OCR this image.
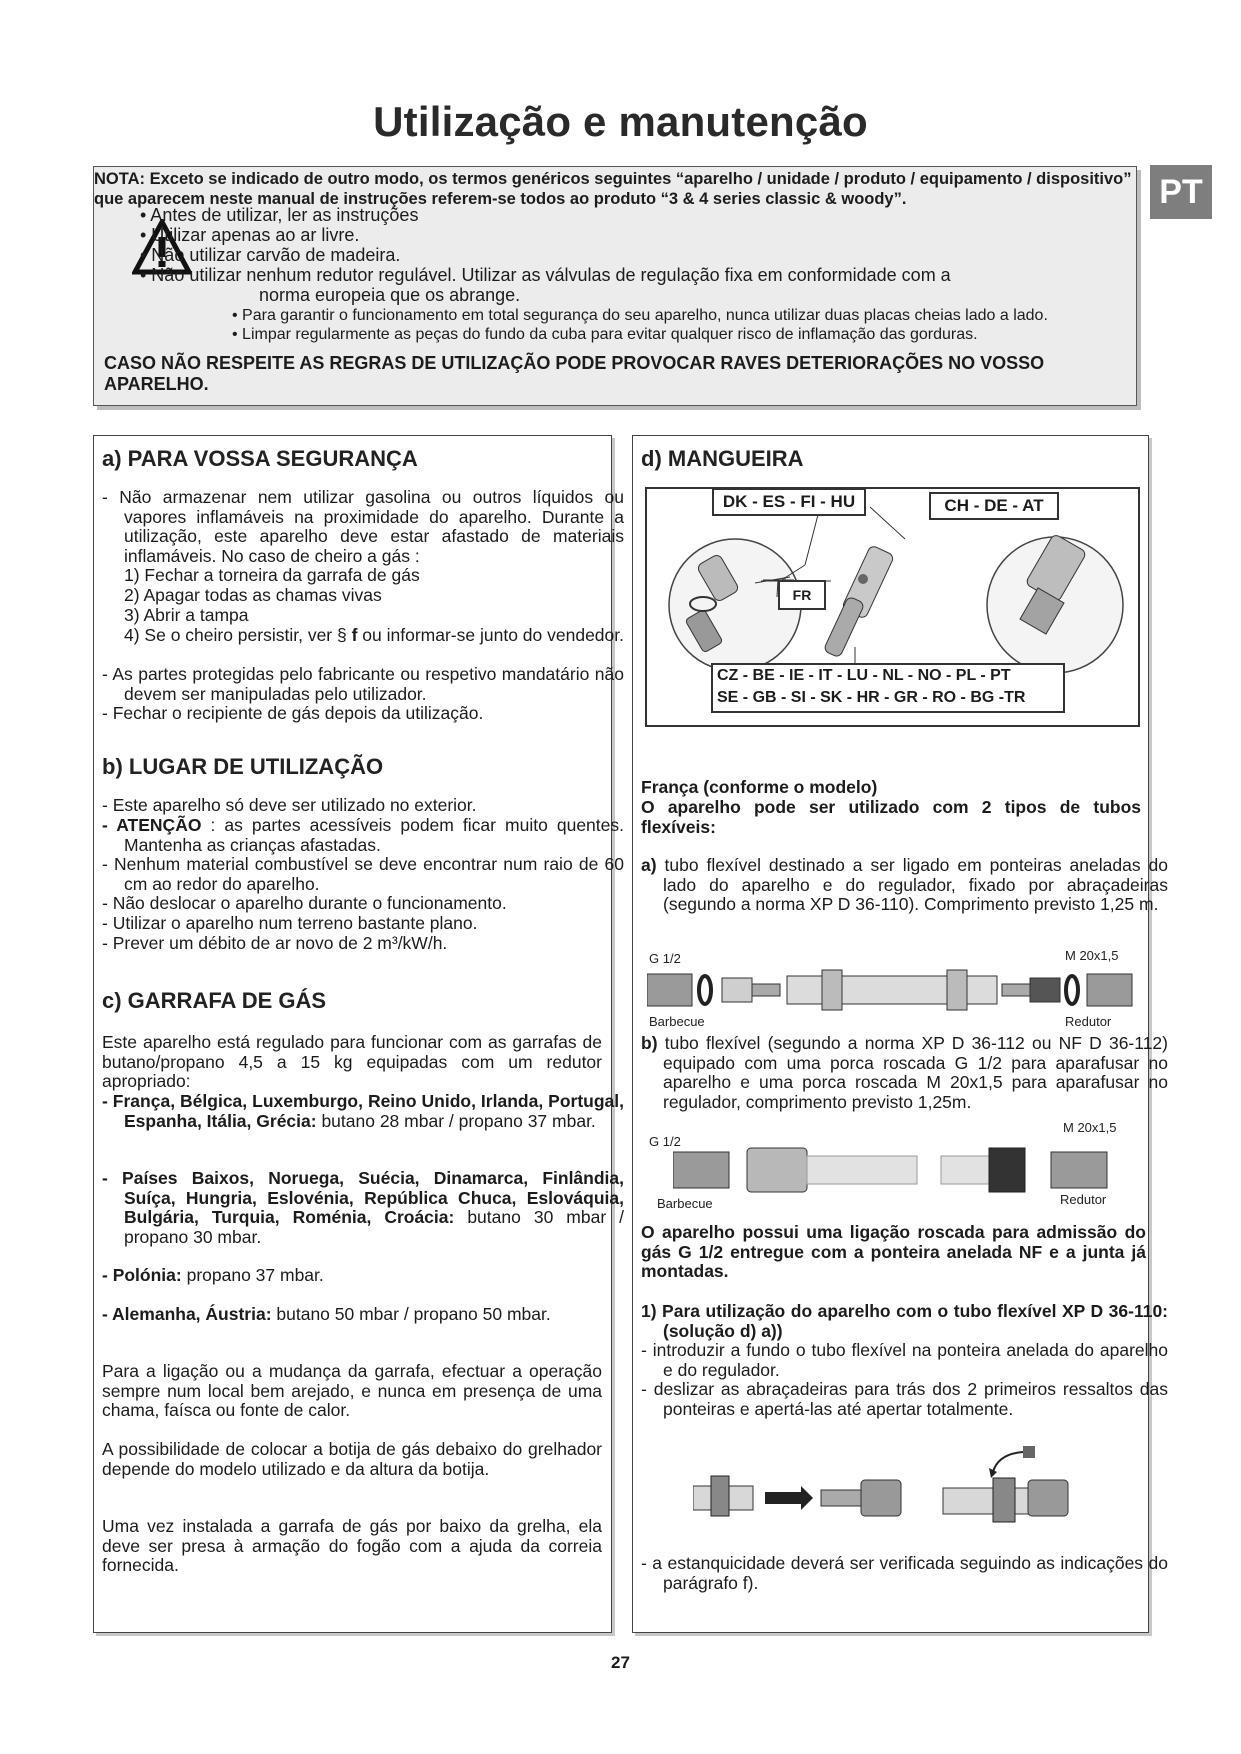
Utilização e manutenção
PT
NOTA: Exceto se indicado de outro modo, os termos genéricos seguintes “aparelho / unidade / produto / equipamento / dispositivo” que aparecem neste manual de instruções referem-se todos ao produto “3 & 4 series classic & woody”.
• Antes de utilizar, ler as instruções
• Utilizar apenas ao ar livre.
• Não utilizar carvão de madeira.
• Não utilizar nenhum redutor regulável. Utilizar as válvulas de regulação fixa em conformidade com a
norma europeia que os abrange.
• Para garantir o funcionamento em total segurança do seu aparelho, nunca utilizar duas placas cheias lado a lado.
• Limpar regularmente as peças do fundo da cuba para evitar qualquer risco de inflamação das gorduras.
CASO NÃO RESPEITE AS REGRAS DE UTILIZAÇÃO PODE PROVOCAR RAVES DETERIORAÇÕES NO VOSSO APARELHO.
a) PARA VOSSA SEGURANÇA
- Não armazenar nem utilizar gasolina ou outros líquidos ou vapores inflamáveis na proximidade do aparelho. Durante a utilização, este aparelho deve estar afastado de materiais inflamáveis. No caso de cheiro a gás :
1) Fechar a torneira da garrafa de gás
2) Apagar todas as chamas vivas
3) Abrir a tampa
4) Se o cheiro persistir, ver § f ou informar-se junto do vendedor.
- As partes protegidas pelo fabricante ou respetivo mandatário não devem ser manipuladas pelo utilizador.
- Fechar o recipiente de gás depois da utilização.
b) LUGAR DE UTILIZAÇÃO
- Este aparelho só deve ser utilizado no exterior.
- ATENÇÃO : as partes acessíveis podem ficar muito quentes. Mantenha as crianças afastadas.
- Nenhum material combustível se deve encontrar num raio de 60 cm ao redor do aparelho.
- Não deslocar o aparelho durante o funcionamento.
- Utilizar o aparelho num terreno bastante plano.
- Prever um débito de ar novo de 2 m³/kW/h.
c) GARRAFA DE GÁS
Este aparelho está regulado para funcionar com as garrafas de butano/propano 4,5 a 15 kg equipadas com um redutor apropriado:
- França, Bélgica, Luxemburgo, Reino Unido, Irlanda, Portugal, Espanha, Itália, Grécia: butano 28 mbar / propano 37 mbar.
- Países Baixos, Noruega, Suécia, Dinamarca, Finlândia, Suíça, Hungria, Eslovénia, República Chuca, Eslováquia, Bulgária, Turquia, Roménia, Croácia: butano 30 mbar / propano 30 mbar.
- Polónia: propano 37 mbar.
- Alemanha, Áustria: butano 50 mbar / propano 50 mbar.
Para a ligação ou a mudança da garrafa, efectuar a operação sempre num local bem arejado, e nunca em presença de uma chama, faísca ou fonte de calor.
A possibilidade de colocar a botija de gás debaixo do grelhador depende do modelo utilizado e da altura da botija.
Uma vez instalada a garrafa de gás por baixo da grelha, ela deve ser presa à armação do fogão com a ajuda da correia fornecida.
d) MANGUEIRA
DK - ES - FI - HU	CH - DE - AT
FR
CZ - BE - IE - IT - LU - NL - NO - PL - PT
SE - GB - SI - SK - HR - GR - RO - BG -TR
França (conforme o modelo)
O aparelho pode ser utilizado com 2 tipos de tubos flexíveis:
a) tubo flexível destinado a ser ligado em ponteiras aneladas do lado do aparelho e do regulador, fixado por abraçadeiras (segundo a norma XP D 36-110). Comprimento previsto 1,25 m.
G 1/2	M 20x1,5
Barbecue	Redutor
b) tubo flexível (segundo a norma XP D 36-112 ou NF D 36-112) equipado com uma porca roscada G 1/2 para aparafusar no aparelho e uma porca roscada M 20x1,5 para aparafusar no regulador, comprimento previsto 1,25m.
G 1/2
M 20x1,5
Barbecue	Redutor
O aparelho possui uma ligação roscada para admissão do gás G 1/2 entregue com a ponteira anelada NF e a junta já montadas.
1) Para utilização do aparelho com o tubo flexível XP D 36-110: (solução d) a))
- introduzir a fundo o tubo flexível na ponteira anelada do aparelho e do regulador.
- deslizar as abraçadeiras para trás dos 2 primeiros ressaltos das ponteiras e apertá-las até apertar totalmente.
- a estanquicidade deverá ser verificada seguindo as indicações do parágrafo f).
27
